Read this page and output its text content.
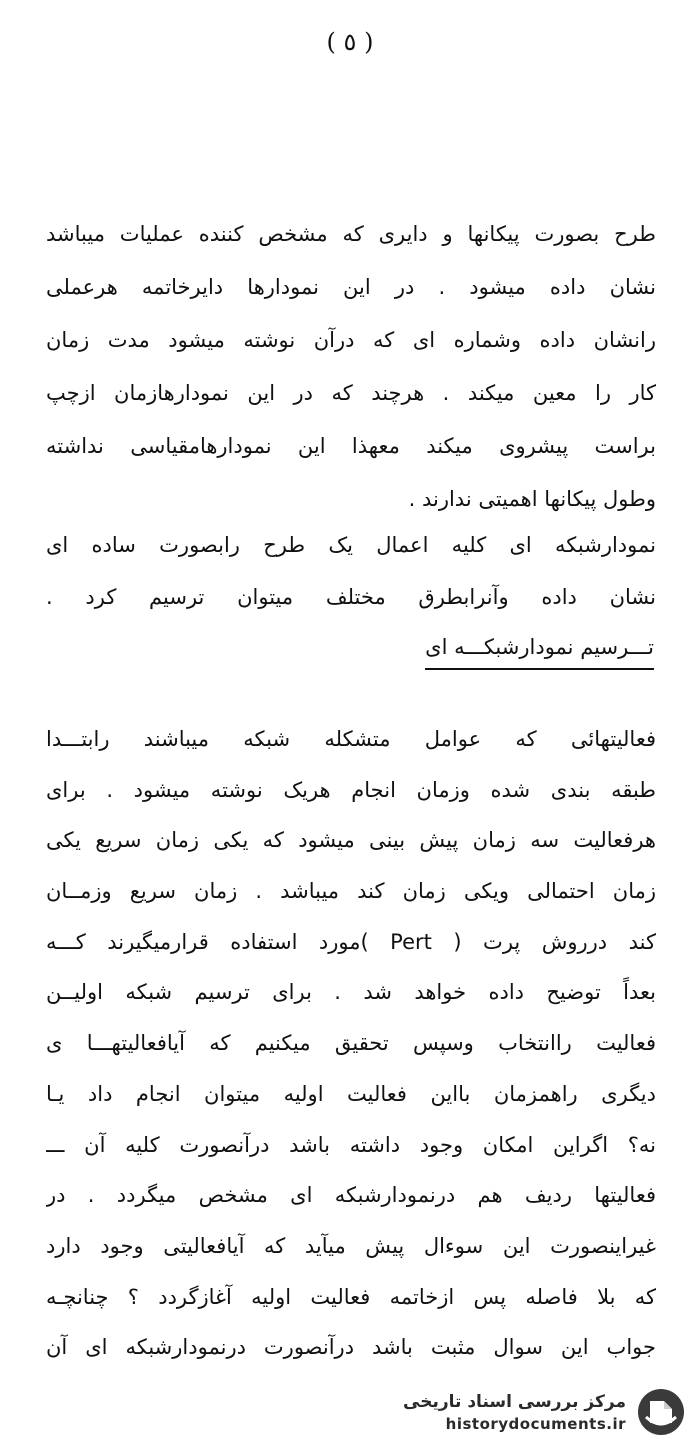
( ٥ )
طرح بصورت پیکانها و دایری که مشخص کننده عملیات میباشد
نشان داده میشود . در این نمودارها دایرخاتمه هرعملی
رانشان داده وشماره ای که درآن نوشته میشود مدت زمان
کار را معین میکند . هرچند که در این نمودارهازمان ازچپ
براست پیشروی میکند معهذا این نمودارهامقیاسی نداشته
وطول پیکانها اهمیتی ندارند .
نمودارشبکه ای کلیه اعمال یک طرح رابصورت ساده ای
نشان داده وآنرابطرق مختلف میتوان ترسیم کرد .
تـــرسیم نمودارشبکـــه ای
فعالیتهائی که عوامل متشکله شبکه میباشند رابتـــدا
طبقه بندی شده وزمان انجام هریک نوشته میشود . برای
هرفعالیت سه زمان پیش بینی میشود که یکی زمان سریع یکی
زمان احتمالی ویکی زمان کند میباشد . زمان سریع وزمــان
کند درروش پرت ( Pert )مورد استفاده قرارمیگیرند کـــه
بعداً توضیح داده خواهد شد . برای ترسیم شبکه اولیــن
فعالیت راانتخاب وسپس تحقیق میکنیم که آیافعالیتهـــا ی
دیگری راهمزمان بااین فعالیت اولیه میتوان انجام داد یـا
نه؟ اگراین امکان وجود داشته باشد درآنصورت کلیه آن ـــ
فعالیتها ردیف هم درنمودارشبکه ای مشخص میگردد . در
غیراینصورت این سوءال پیش میآید که آیافعالیتی وجود دارد
که بلا فاصله پس ازخاتمه فعالیت اولیه آغازگردد ؟ چنانچـه
جواب این سوال مثبت باشد درآنصورت درنمودارشبکه ای آن
مرکز بررسی اسناد تاریخی
historydocuments.ir
